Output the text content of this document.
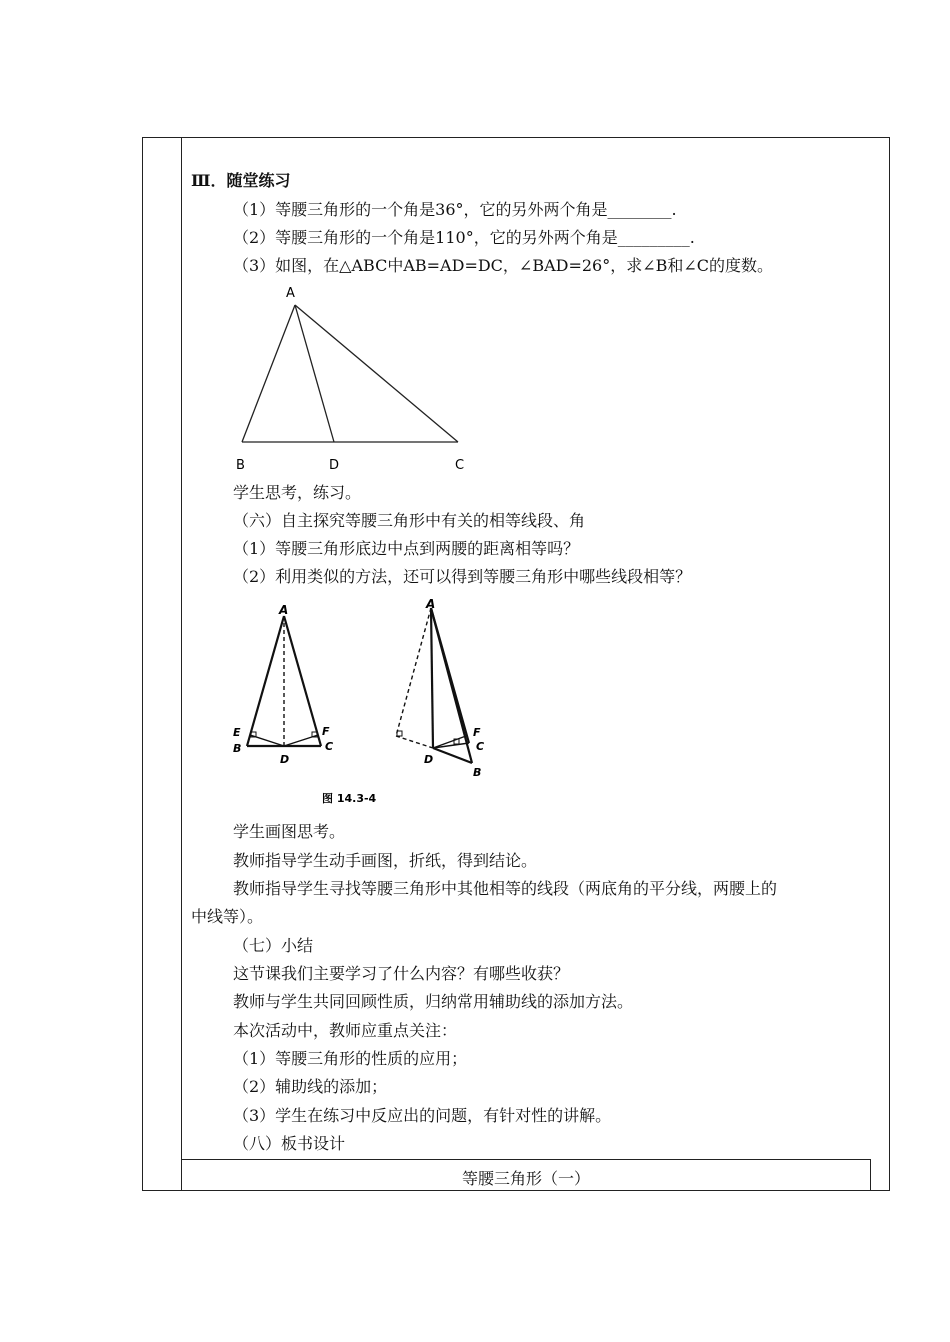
Ⅲ．随堂练习
（1）等腰三角形的一个角是36°，它的另外两个角是________.
（2）等腰三角形的一个角是110°，它的另外两个角是_________.
（3）如图，在△ABC中AB=AD=DC，∠BAD=26°，求∠B和∠C的度数。
A
B	D	C
学生思考，练习。
（六）自主探究等腰三角形中有关的相等线段、角
（1）等腰三角形底边中点到两腰的距离相等吗？
（2）利用类似的方法，还可以得到等腰三角形中哪些线段相等？
A
E
B
F
C
D
A
F
C
D
B
图 14.3-4
学生画图思考。
教师指导学生动手画图，折纸，得到结论。
教师指导学生寻找等腰三角形中其他相等的线段（两底角的平分线，两腰上的
中线等）。
（七）小结
这节课我们主要学习了什么内容？有哪些收获？
教师与学生共同回顾性质，归纳常用辅助线的添加方法。
本次活动中，教师应重点关注：
（1）等腰三角形的性质的应用；
（2）辅助线的添加；
（3）学生在练习中反应出的问题，有针对性的讲解。
（八）板书设计
等腰三角形（一）
